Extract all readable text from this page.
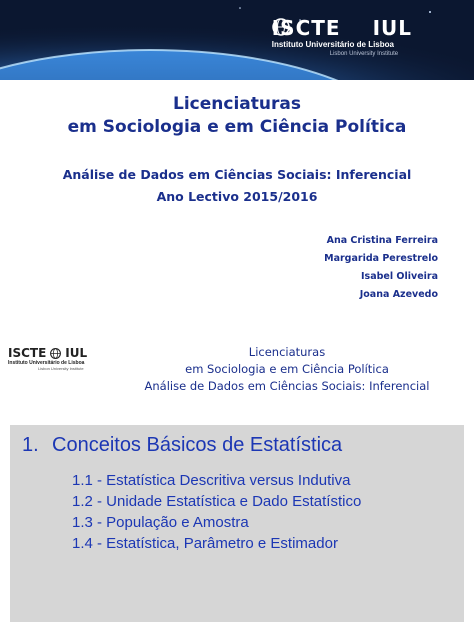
ISCTE IUL
Instituto Universitário de Lisboa
Lisbon University Institute
Licenciaturas
em Sociologia e em Ciência Política
Análise de Dados em Ciências Sociais: Inferencial
Ano Lectivo 2015/2016
Ana Cristina Ferreira
Margarida Perestrelo
Isabel Oliveira
Joana Azevedo
ISCTE IUL
Instituto Universitário de Lisboa
Lisbon University Institute
Licenciaturas
em Sociologia e em Ciência Política
Análise de Dados em Ciências Sociais: Inferencial
1. Conceitos Básicos de Estatística
1.1 - Estatística Descritiva versus Indutiva
1.2 - Unidade Estatística e Dado Estatístico
1.3 - População e Amostra
1.4 - Estatística, Parâmetro e Estimador
